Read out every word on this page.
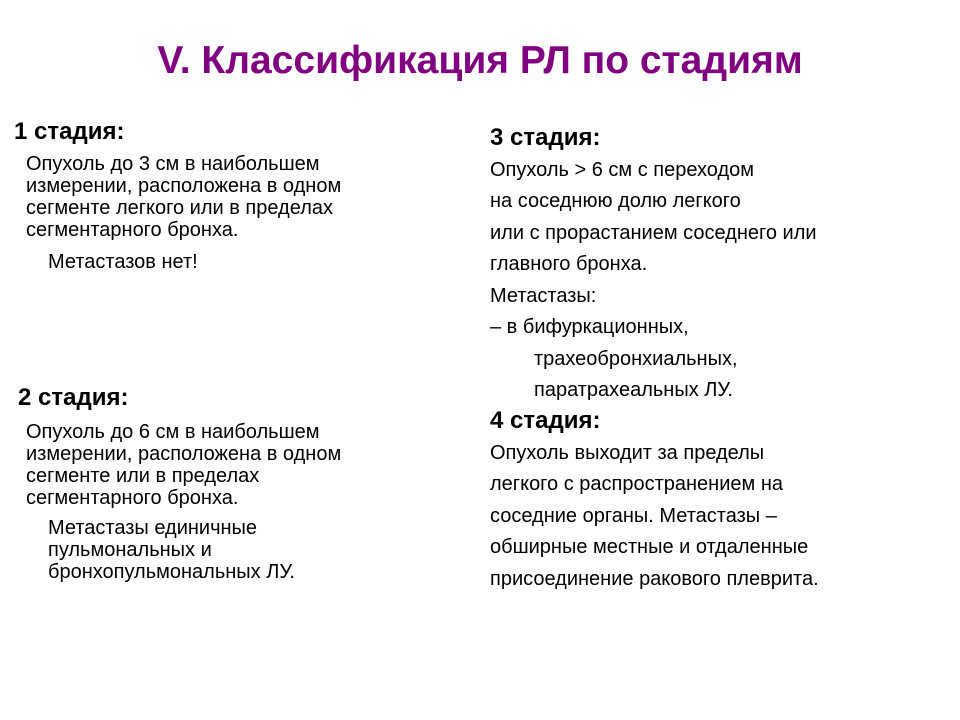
V. Классификация РЛ по стадиям
1 стадия:
Опухоль до 3 см в наибольшем
измерении, расположена в одном
сегменте легкого или в пределах
сегментарного бронха.
Метастазов нет!
2 стадия:
Опухоль до 6 см в наибольшем
измерении, расположена в одном
сегменте или в пределах
сегментарного бронха.
Метастазы единичные
пульмональных и
бронхопульмональных ЛУ.
3 стадия:
Опухоль > 6 см с переходом
на соседнюю долю легкого
или с прорастанием соседнего или
главного бронха.
Метастазы:
– в бифуркационных,
трахеобронхиальных,
паратрахеальных ЛУ.
4 стадия:
Опухоль выходит за пределы
легкого с распространением на
соседние органы. Метастазы –
обширные местные и отдаленные
присоединение ракового плеврита.
